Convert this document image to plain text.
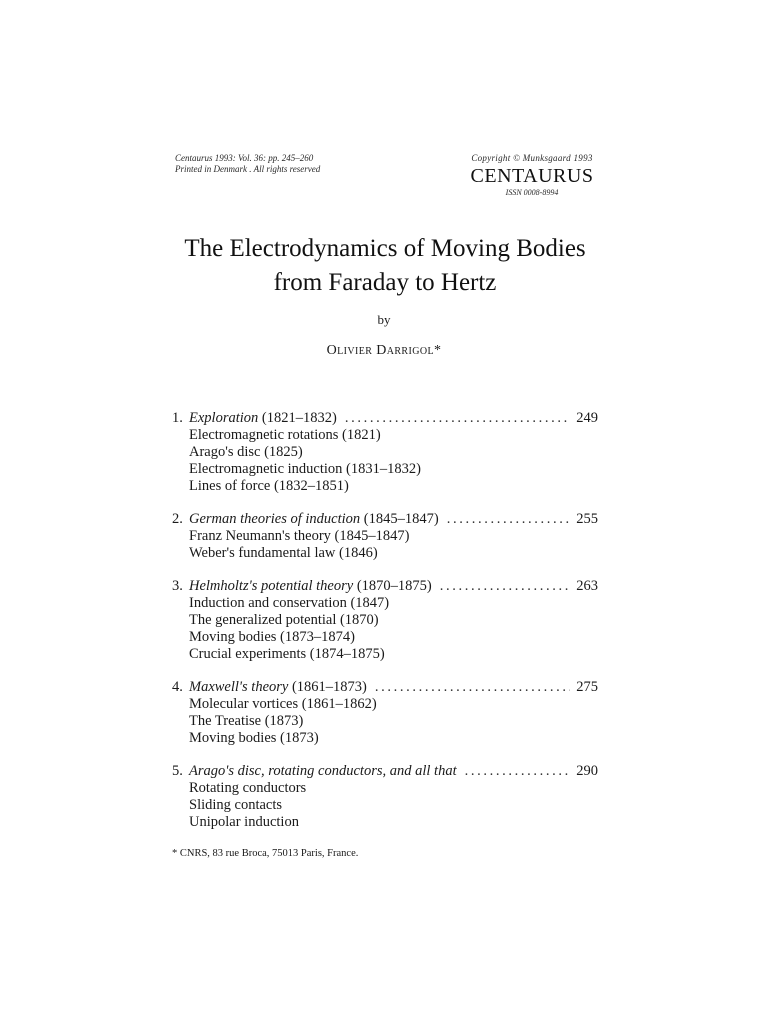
Centaurus 1993: Vol. 36: pp. 245–260
Printed in Denmark . All rights reserved
Copyright © Munksgaard 1993
CENTAURUS
ISSN 0008-8994
The Electrodynamics of Moving Bodies
from Faraday to Hertz
by
Olivier Darrigol*
1. Exploration (1821–1832) . . .	249
Electromagnetic rotations (1821)
Arago's disc (1825)
Electromagnetic induction (1831–1832)
Lines of force (1832–1851)
2. German theories of induction (1845–1847) . . .	255
Franz Neumann's theory (1845–1847)
Weber's fundamental law (1846)
3. Helmholtz's potential theory (1870–1875) . . .	263
Induction and conservation (1847)
The generalized potential (1870)
Moving bodies (1873–1874)
Crucial experiments (1874–1875)
4. Maxwell's theory (1861–1873) . . .	275
Molecular vortices (1861–1862)
The Treatise (1873)
Moving bodies (1873)
5. Arago's disc, rotating conductors, and all that . . .	290
Rotating conductors
Sliding contacts
Unipolar induction
* CNRS, 83 rue Broca, 75013 Paris, France.
